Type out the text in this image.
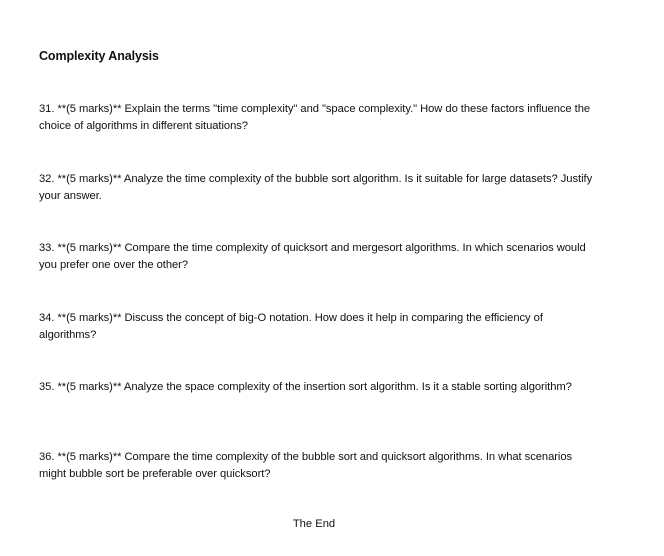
Complexity Analysis

31. **(5 marks)** Explain the terms "time complexity" and "space complexity." How do these factors influence the choice of algorithms in different situations?

32. **(5 marks)** Analyze the time complexity of the bubble sort algorithm. Is it suitable for large datasets? Justify your answer.

33. **(5 marks)** Compare the time complexity of quicksort and mergesort algorithms. In which scenarios would you prefer one over the other?

34. **(5 marks)** Discuss the concept of big-O notation. How does it help in comparing the efficiency of algorithms?

35. **(5 marks)** Analyze the space complexity of the insertion sort algorithm. Is it a stable sorting algorithm?

36. **(5 marks)** Compare the time complexity of the bubble sort and quicksort algorithms. In what scenarios might bubble sort be preferable over quicksort?

The End
